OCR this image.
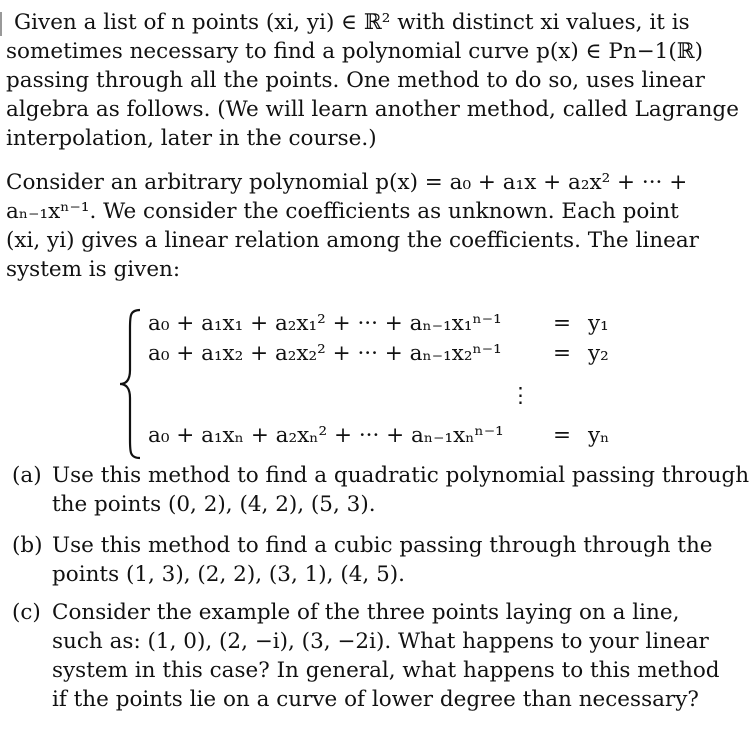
Given a list of n points (xi, yi) ∈ ℝ² with distinct xi values, it is
sometimes necessary to find a polynomial curve p(x) ∈ Pn−1(ℝ)
passing through all the points. One method to do so, uses linear
algebra as follows. (We will learn another method, called Lagrange
interpolation, later in the course.)
Consider an arbitrary polynomial p(x) = a₀ + a₁x + a₂x² + ··· +
aₙ₋₁xⁿ⁻¹. We consider the coefficients as unknown. Each point
(xi, yi) gives a linear relation among the coefficients. The linear
system is given:
a₀ + a₁x₁ + a₂x₁² + ··· + aₙ₋₁x₁ⁿ⁻¹ = y₁
a₀ + a₁x₂ + a₂x₂² + ··· + aₙ₋₁x₂ⁿ⁻¹ = y₂
⋮
a₀ + a₁xₙ + a₂xₙ² + ··· + aₙ₋₁xₙⁿ⁻¹ = yₙ
(a) Use this method to find a quadratic polynomial passing through
the points (0, 2), (4, 2), (5, 3).
(b) Use this method to find a cubic passing through through the
points (1, 3), (2, 2), (3, 1), (4, 5).
(c) Consider the example of the three points laying on a line,
such as: (1, 0), (2, −i), (3, −2i). What happens to your linear
system in this case? In general, what happens to this method
if the points lie on a curve of lower degree than necessary?
